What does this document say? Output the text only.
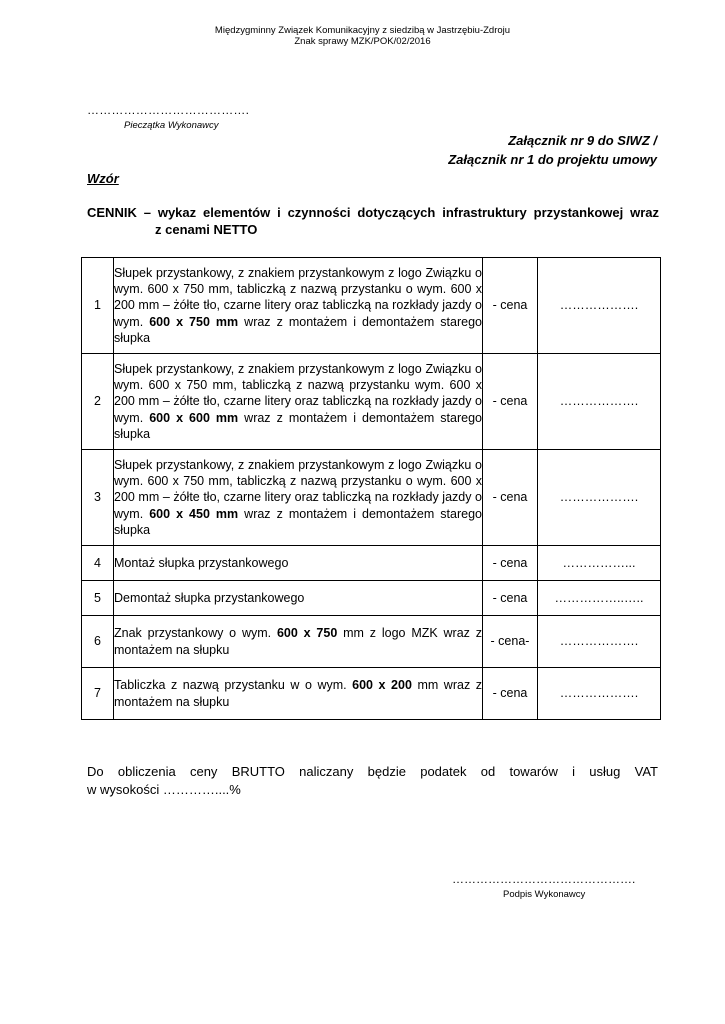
Międzygminny Związek Komunikacyjny z siedzibą w Jastrzębiu-Zdroju
Znak sprawy MZK/POK/02/2016
………………………………….
Pieczątka Wykonawcy
Załącznik nr 9 do SIWZ /
Załącznik nr 1 do projektu umowy
Wzór
CENNIK – wykaz elementów i czynności dotyczących infrastruktury przystankowej wraz
z cenami NETTO
1	Słupek przystankowy, z znakiem przystankowym z logo Związku o wym. 600 x 750 mm, tabliczką z nazwą przystanku o wym. 600 x 200 mm – żółte tło, czarne litery oraz tabliczką na rozkłady jazdy o wym. 600 x 750 mm wraz z montażem i demontażem starego słupka	- cena	……………….
2	Słupek przystankowy, z znakiem przystankowym z logo Związku o wym. 600 x 750 mm, tabliczką z nazwą przystanku wym. 600 x 200 mm – żółte tło, czarne litery oraz tabliczką na rozkłady jazdy o wym. 600 x 600 mm wraz z montażem i demontażem starego słupka	- cena	……………….
3	Słupek przystankowy, z znakiem przystankowym z logo Związku o wym. 600 x 750 mm, tabliczką z nazwą przystanku o wym. 600 x 200 mm – żółte tło, czarne litery oraz tabliczką na rozkłady jazdy o wym. 600 x 450 mm wraz z montażem i demontażem starego słupka	- cena	……………….
4	Montaż słupka przystankowego	- cena	……………...
5	Demontaż słupka przystankowego	- cena	……………..…..
6	Znak przystankowy o wym. 600 x 750 mm z logo MZK wraz z montażem na słupku	- cena-	……………….
7	Tabliczka z nazwą przystanku w o wym. 600 x 200 mm wraz z montażem na słupku	- cena	……………….
Do obliczenia ceny BRUTTO naliczany będzie podatek od towarów i usług VAT
w wysokości …………....%
……………………………………….
Podpis Wykonawcy
